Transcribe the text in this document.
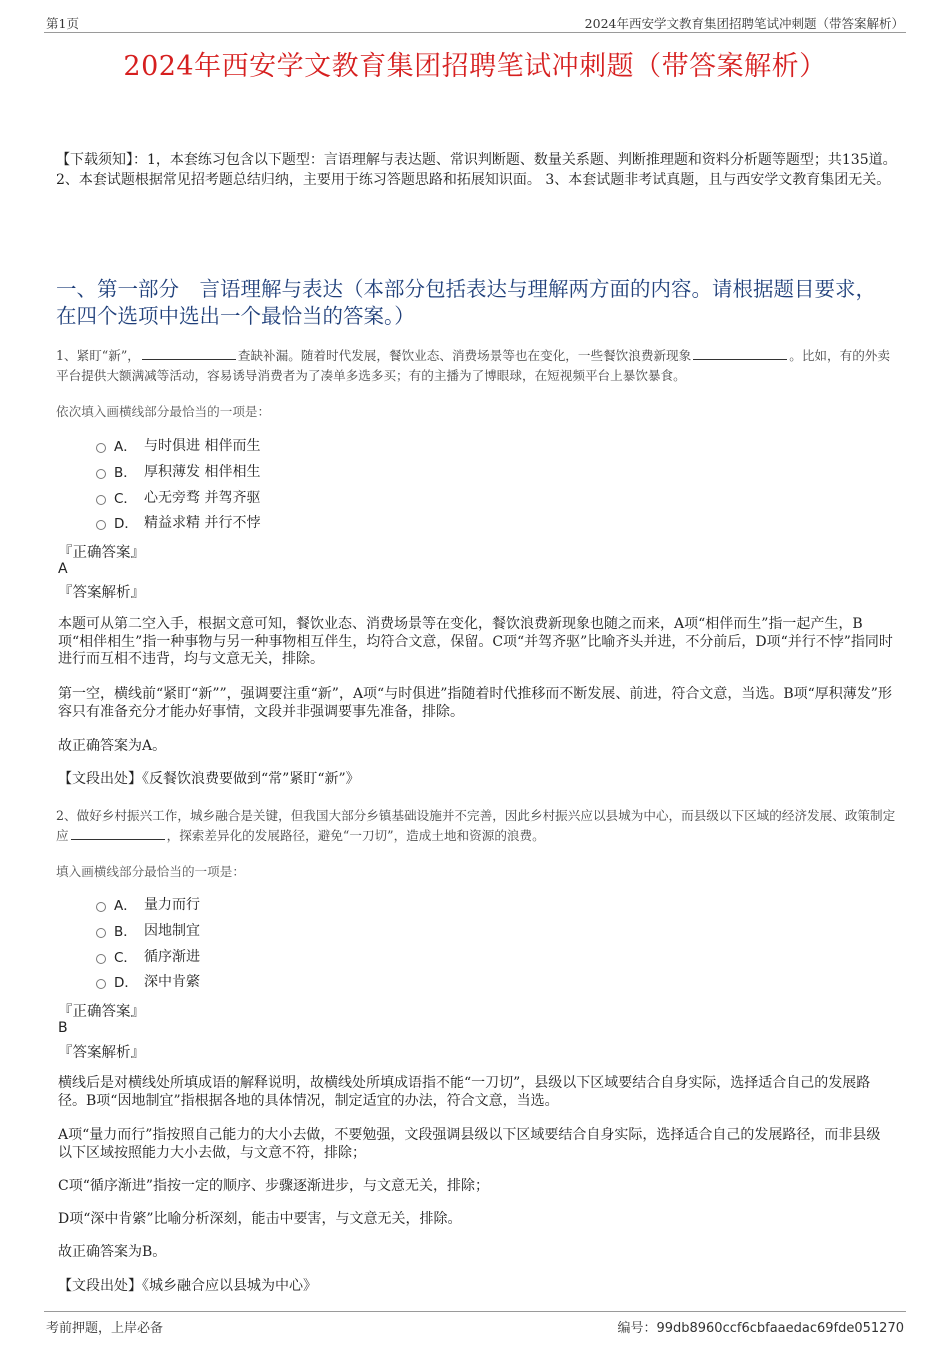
第1页	2024年西安学文教育集团招聘笔试冲刺题（带答案解析）
2024年西安学文教育集团招聘笔试冲刺题（带答案解析）
【下载须知】：1，本套练习包含以下题型：言语理解与表达题、常识判断题、数量关系题、判断推理题和资料分析题等题型；共135道。 2、本套试题根据常见招考题总结归纳，主要用于练习答题思路和拓展知识面。 3、本套试题非考试真题，且与西安学文教育集团无关。
一、第一部分　言语理解与表达（本部分包括表达与理解两方面的内容。请根据题目要求，在四个选项中选出一个最恰当的答案。）
1、紧盯“新”，	查缺补漏。随着时代发展，餐饮业态、消费场景等也在变化，一些餐饮浪费新现象	。比如，有的外卖平台提供大额满减等活动，容易诱导消费者为了凑单多选多买；有的主播为了博眼球，在短视频平台上暴饮暴食。
依次填入画横线部分最恰当的一项是：
A． 与时俱进 相伴而生
B． 厚积薄发 相伴相生
C． 心无旁骛 并驾齐驱
D． 精益求精 并行不悖
『正确答案』
A
『答案解析』
本题可从第二空入手，根据文意可知，餐饮业态、消费场景等在变化，餐饮浪费新现象也随之而来，A项“相伴而生”指一起产生，B项“相伴相生”指一种事物与另一种事物相互伴生，均符合文意，保留。C项“并驾齐驱”比喻齐头并进，不分前后，D项“并行不悖”指同时进行而互相不违背，均与文意无关，排除。
第一空，横线前“紧盯“新””，强调要注重“新”，A项“与时俱进”指随着时代推移而不断发展、前进，符合文意，当选。B项“厚积薄发”形容只有准备充分才能办好事情，文段并非强调要事先准备，排除。
故正确答案为A。
【文段出处】《反餐饮浪费要做到“常”紧盯“新”》
2、做好乡村振兴工作，城乡融合是关键，但我国大部分乡镇基础设施并不完善，因此乡村振兴应以县城为中心，而县级以下区域的经济发展、政策制定应	，探索差异化的发展路径，避免“一刀切”，造成土地和资源的浪费。
填入画横线部分最恰当的一项是：
A． 量力而行
B． 因地制宜
C． 循序渐进
D． 深中肯綮
『正确答案』
B
『答案解析』
横线后是对横线处所填成语的解释说明，故横线处所填成语指不能“一刀切”，县级以下区域要结合自身实际，选择适合自己的发展路径。B项“因地制宜”指根据各地的具体情况，制定适宜的办法，符合文意，当选。
A项“量力而行”指按照自己能力的大小去做，不要勉强，文段强调县级以下区域要结合自身实际，选择适合自己的发展路径，而非县级以下区域按照能力大小去做，与文意不符，排除；
C项“循序渐进”指按一定的顺序、步骤逐渐进步，与文意无关，排除；
D项“深中肯綮”比喻分析深刻，能击中要害，与文意无关，排除。
故正确答案为B。
【文段出处】《城乡融合应以县城为中心》
考前押题，上岸必备	编号：99db8960ccf6cbfaaedac69fde051270
